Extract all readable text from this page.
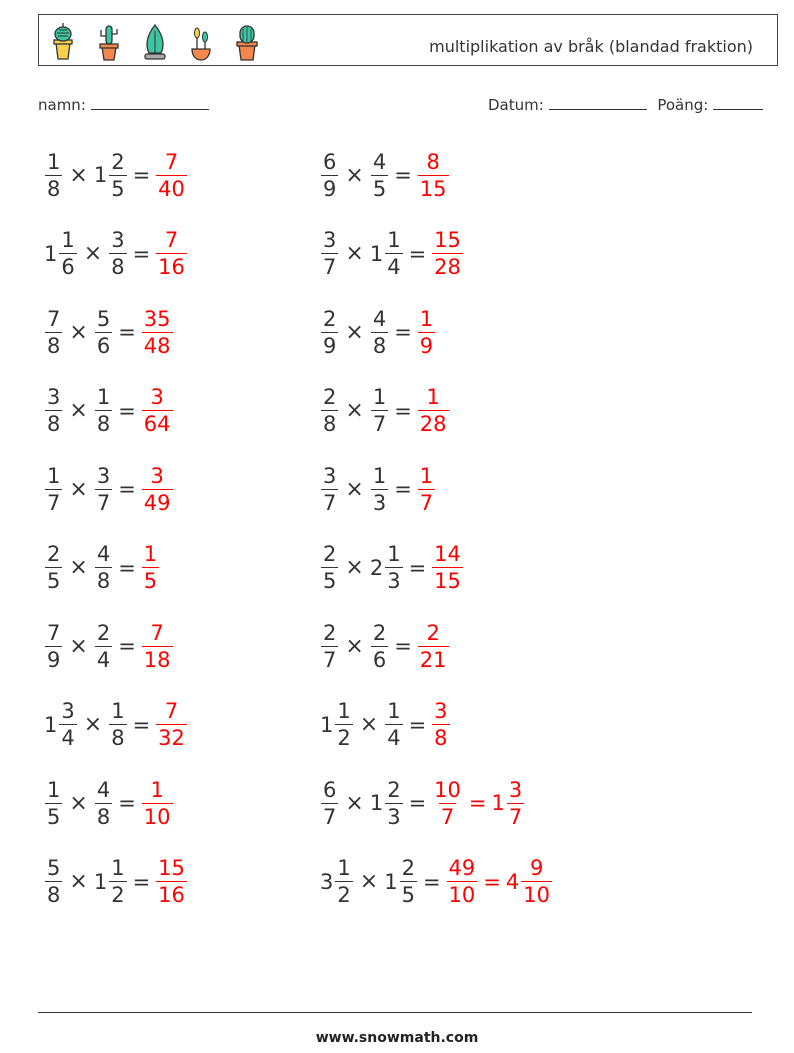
multiplikation av bråk (blandad fraktion)
namn:	Datum:	Poäng:
$\frac{1}{8} \times 1 \frac{2}{5} = \frac{7}{40}$
$1 \frac{1}{6} \times \frac{3}{8} = \frac{7}{16}$
$\frac{7}{8} \times \frac{5}{6} = \frac{35}{48}$
$\frac{3}{8} \times \frac{1}{8} = \frac{3}{64}$
$\frac{1}{7} \times \frac{3}{7} = \frac{3}{49}$
$\frac{2}{5} \times \frac{4}{8} = \frac{1}{5}$
$\frac{7}{9} \times \frac{2}{4} = \frac{7}{18}$
$1 \frac{3}{4} \times \frac{1}{8} = \frac{7}{32}$
$\frac{1}{5} \times \frac{4}{8} = \frac{1}{10}$
$\frac{5}{8} \times 1 \frac{1}{2} = \frac{15}{16}$
$\frac{6}{9} \times \frac{4}{5} = \frac{8}{15}$
$\frac{3}{7} \times 1 \frac{1}{4} = \frac{15}{28}$
$\frac{2}{9} \times \frac{4}{8} = \frac{1}{9}$
$\frac{2}{8} \times \frac{1}{7} = \frac{1}{28}$
$\frac{3}{7} \times \frac{1}{3} = \frac{1}{7}$
$\frac{2}{5} \times 2 \frac{1}{3} = \frac{14}{15}$
$\frac{2}{7} \times \frac{2}{6} = \frac{2}{21}$
$1 \frac{1}{2} \times \frac{1}{4} = \frac{3}{8}$
$\frac{6}{7} \times 1 \frac{2}{3} = \frac{10}{7} = 1 \frac{3}{7}$
$3 \frac{1}{2} \times 1 \frac{2}{5} = \frac{49}{10} = 4 \frac{9}{10}$
www.snowmath.com
